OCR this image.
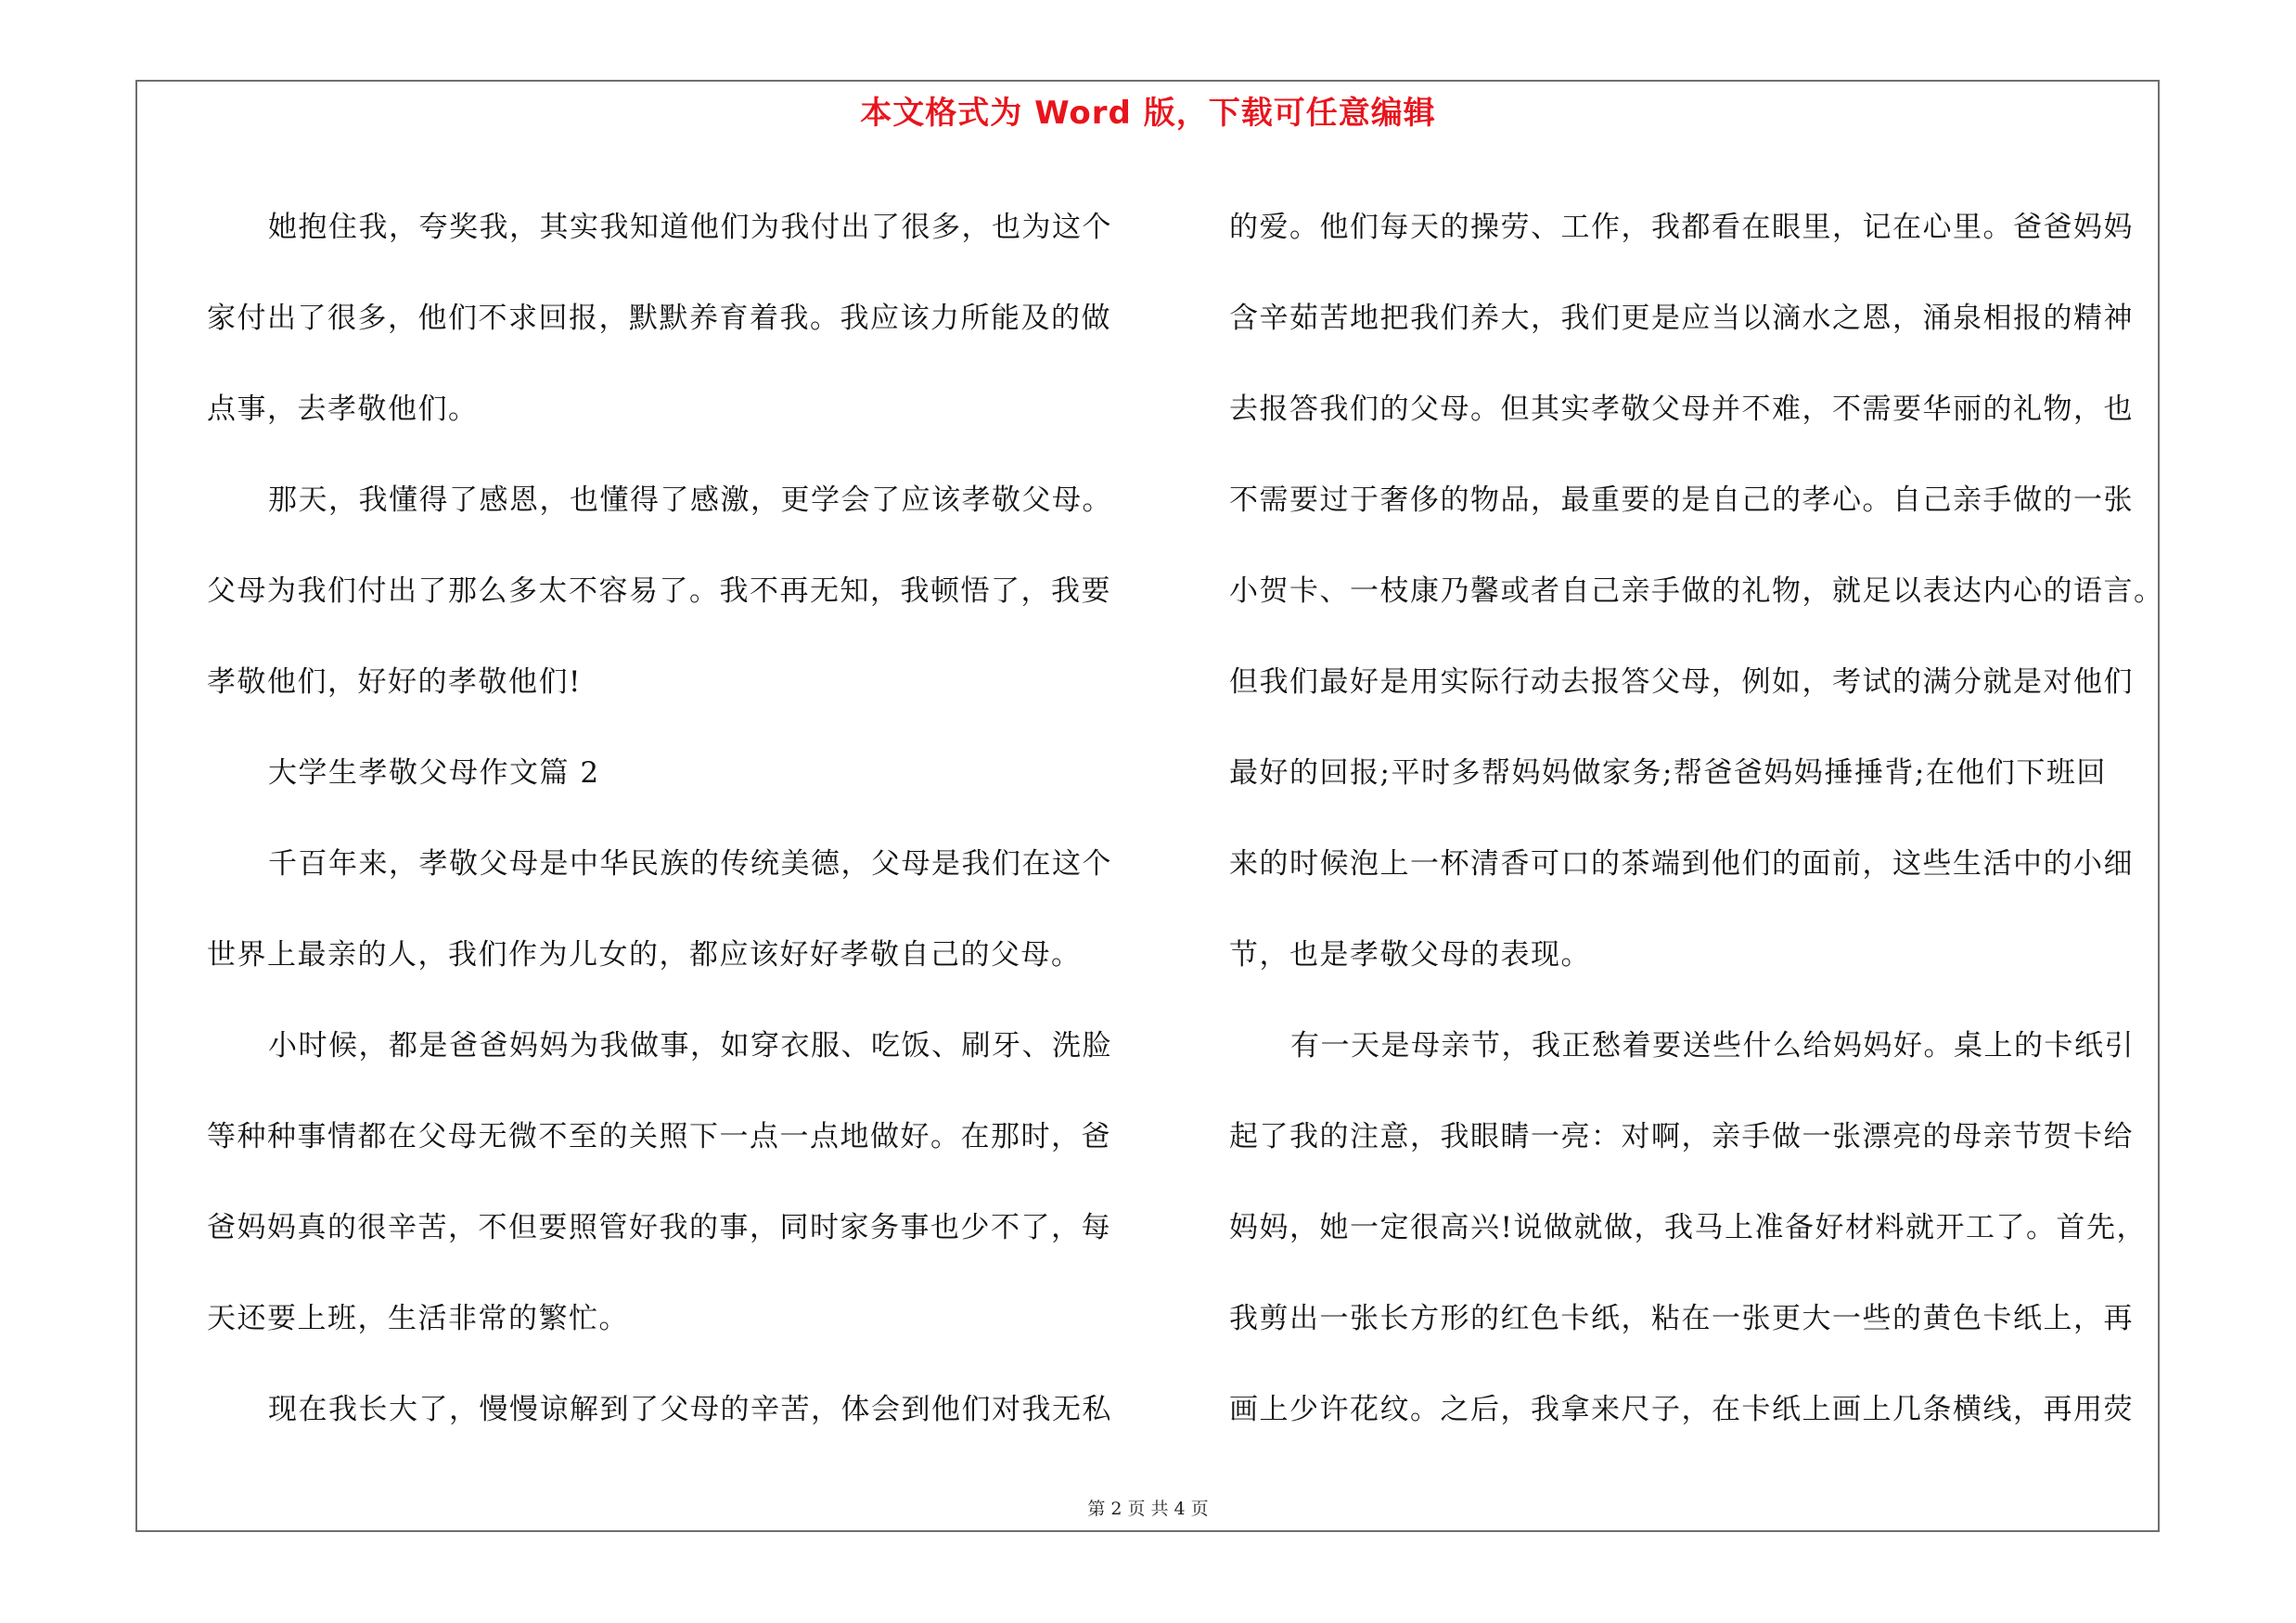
本文格式为 Word 版，下载可任意编辑
她抱住我，夸奖我，其实我知道他们为我付出了很多，也为这个
家付出了很多，他们不求回报，默默养育着我。我应该力所能及的做
点事，去孝敬他们。
那天，我懂得了感恩，也懂得了感激，更学会了应该孝敬父母。
父母为我们付出了那么多太不容易了。我不再无知，我顿悟了，我要
孝敬他们，好好的孝敬他们!
大学生孝敬父母作文篇 2
千百年来，孝敬父母是中华民族的传统美德，父母是我们在这个
世界上最亲的人，我们作为儿女的，都应该好好孝敬自己的父母。
小时候，都是爸爸妈妈为我做事，如穿衣服、吃饭、刷牙、洗脸
等种种事情都在父母无微不至的关照下一点一点地做好。在那时，爸
爸妈妈真的很辛苦，不但要照管好我的事，同时家务事也少不了，每
天还要上班，生活非常的繁忙。
现在我长大了，慢慢谅解到了父母的辛苦，体会到他们对我无私
的爱。他们每天的操劳、工作，我都看在眼里，记在心里。爸爸妈妈
含辛茹苦地把我们养大，我们更是应当以滴水之恩，涌泉相报的精神
去报答我们的父母。但其实孝敬父母并不难，不需要华丽的礼物，也
不需要过于奢侈的物品，最重要的是自己的孝心。自己亲手做的一张
小贺卡、一枝康乃馨或者自己亲手做的礼物，就足以表达内心的语言。
但我们最好是用实际行动去报答父母，例如，考试的满分就是对他们
最好的回报;平时多帮妈妈做家务;帮爸爸妈妈捶捶背;在他们下班回
来的时候泡上一杯清香可口的茶端到他们的面前，这些生活中的小细
节，也是孝敬父母的表现。
有一天是母亲节，我正愁着要送些什么给妈妈好。桌上的卡纸引
起了我的注意，我眼睛一亮：对啊，亲手做一张漂亮的母亲节贺卡给
妈妈，她一定很高兴!说做就做，我马上准备好材料就开工了。首先，
我剪出一张长方形的红色卡纸，粘在一张更大一些的黄色卡纸上，再
画上少许花纹。之后，我拿来尺子，在卡纸上画上几条横线，再用荧
第 2 页 共 4 页
